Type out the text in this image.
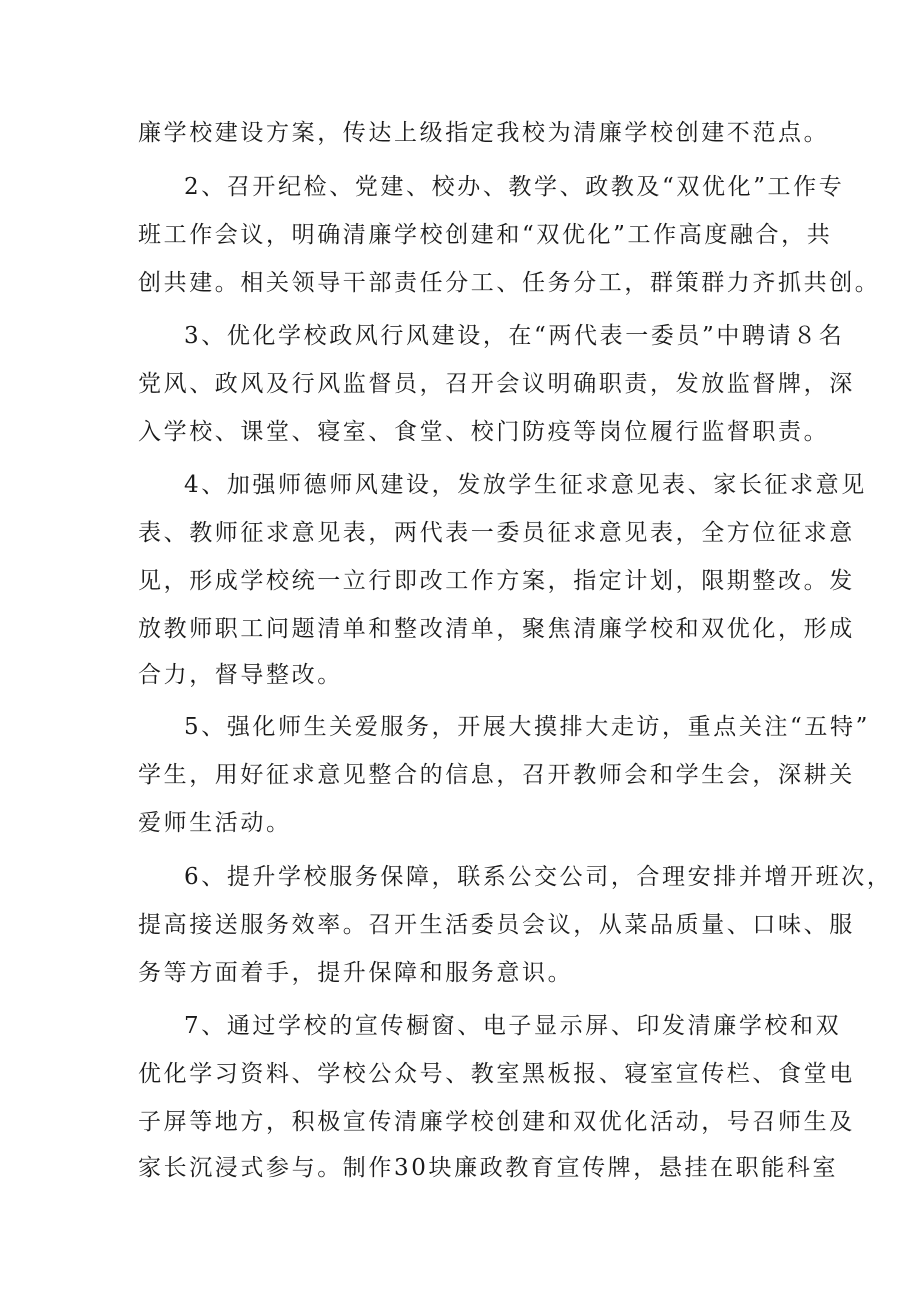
廉学校建设方案，传达上级指定我校为清廉学校创建不范点。
2、召开纪检、党建、校办、教学、政教及“双优化”工作专
班工作会议，明确清廉学校创建和“双优化”工作高度融合，共
创共建。相关领导干部责任分工、任务分工，群策群力齐抓共创。
3、优化学校政风行风建设，在“两代表一委员”中聘请８名
党风、政风及行风监督员，召开会议明确职责，发放监督牌，深
入学校、课堂、寝室、食堂、校门防疫等岗位履行监督职责。
4、加强师德师风建设，发放学生征求意见表、家长征求意见
表、教师征求意见表，两代表一委员征求意见表，全方位征求意
见，形成学校统一立行即改工作方案，指定计划，限期整改。发
放教师职工问题清单和整改清单，聚焦清廉学校和双优化，形成
合力，督导整改。
5、强化师生关爱服务，开展大摸排大走访，重点关注“五特”
学生，用好征求意见整合的信息，召开教师会和学生会，深耕关
爱师生活动。
6、提升学校服务保障，联系公交公司，合理安排并增开班次，
提高接送服务效率。召开生活委员会议，从菜品质量、口味、服
务等方面着手，提升保障和服务意识。
7、通过学校的宣传橱窗、电子显示屏、印发清廉学校和双
优化学习资料、学校公众号、教室黑板报、寝室宣传栏、食堂电
子屏等地方，积极宣传清廉学校创建和双优化活动，号召师生及
家长沉浸式参与。制作30块廉政教育宣传牌，悬挂在职能科室
